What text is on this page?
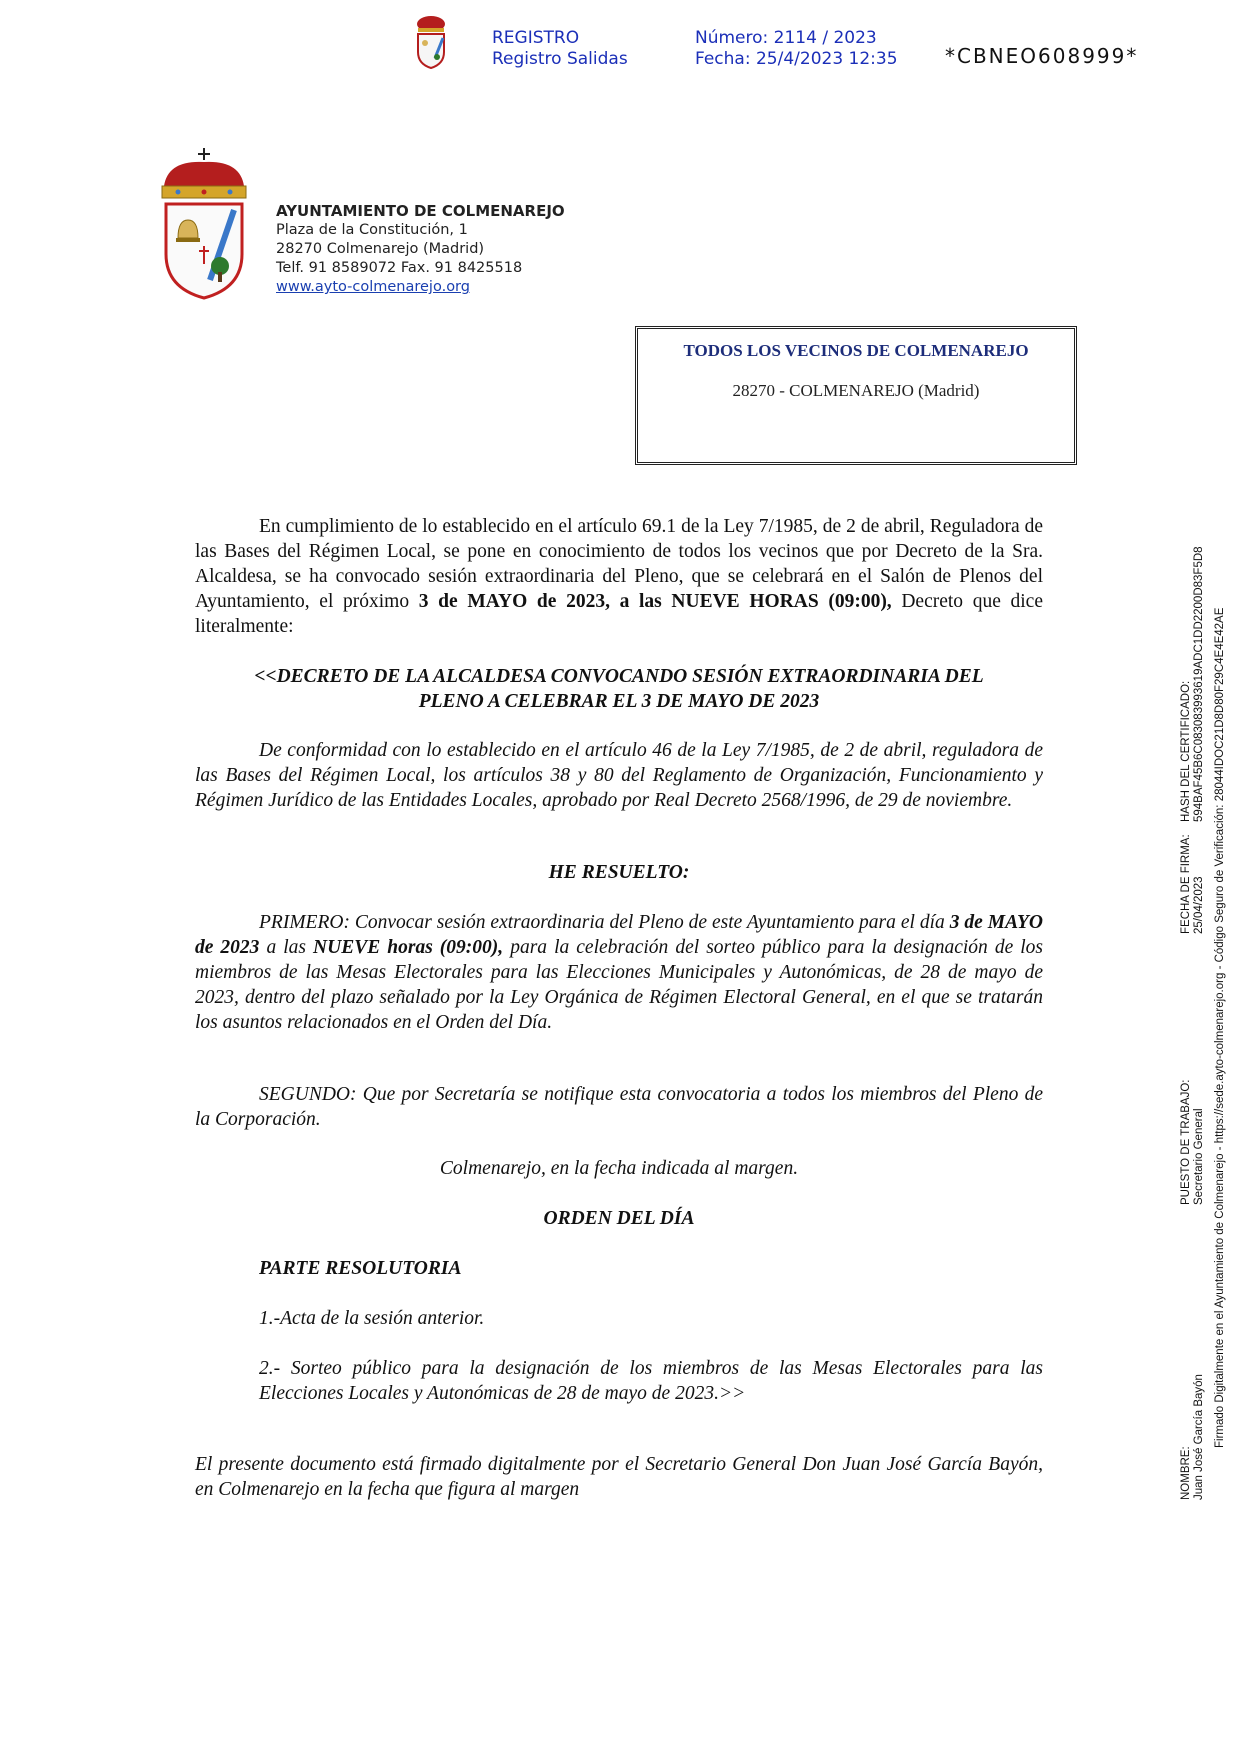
REGISTRO
Registro Salidas
Número: 2114 / 2023
Fecha: 25/4/2023 12:35 *CBNEO608999*
AYUNTAMIENTO DE COLMENAREJO
Plaza de la Constitución, 1
28270 Colmenarejo (Madrid)
Telf. 91 8589072 Fax. 91 8425518
www.ayto-colmenarejo.org
TODOS LOS VECINOS DE COLMENAREJO
28270 - COLMENAREJO (Madrid)
En cumplimiento de lo establecido en el artículo 69.1 de la Ley 7/1985, de 2 de abril, Reguladora de las Bases del Régimen Local, se pone en conocimiento de todos los vecinos que por Decreto de la Sra. Alcaldesa, se ha convocado sesión extraordinaria del Pleno, que se celebrará en el Salón de Plenos del Ayuntamiento, el próximo 3 de MAYO de 2023, a las NUEVE HORAS (09:00), Decreto que dice literalmente:
<<DECRETO DE LA ALCALDESA CONVOCANDO SESIÓN EXTRAORDINARIA DEL
PLENO A CELEBRAR EL 3 DE MAYO DE 2023
De conformidad con lo establecido en el artículo 46 de la Ley 7/1985, de 2 de abril, reguladora de las Bases del Régimen Local, los artículos 38 y 80 del Reglamento de Organización, Funcionamiento y Régimen Jurídico de las Entidades Locales, aprobado por Real Decreto 2568/1996, de 29 de noviembre.
HE RESUELTO:
PRIMERO: Convocar sesión extraordinaria del Pleno de este Ayuntamiento para el día 3 de MAYO de 2023 a las NUEVE horas (09:00), para la celebración del sorteo público para la designación de los miembros de las Mesas Electorales para las Elecciones Municipales y Autonómicas, de 28 de mayo de 2023, dentro del plazo señalado por la Ley Orgánica de Régimen Electoral General, en el que se tratarán los asuntos relacionados en el Orden del Día.
SEGUNDO: Que por Secretaría se notifique esta convocatoria a todos los miembros del Pleno de la Corporación.
Colmenarejo, en la fecha indicada al margen.
ORDEN DEL DÍA
PARTE RESOLUTORIA
1.-Acta de la sesión anterior.
2.- Sorteo público para la designación de los miembros de las Mesas Electorales para las Elecciones Locales y Autonómicas de 28 de mayo de 2023.>>
El presente documento está firmado digitalmente por el Secretario General Don Juan José García Bayón, en Colmenarejo en la fecha que figura al margen	NOMBRE: Juan José García Bayón
PUESTO DE TRABAJO: Secretario General
FECHA DE FIRMA: 25/04/2023
HASH DEL CERTIFICADO: 594BAF45B6C08308399361​9ADC1DD2200D83F5D8 Firmado Digitalmente en el Ayuntamiento de Colmenarejo - https://sede.ayto-colmenarejo.org - Código Seguro de Verificación: 28044IDOC21D8D80F29C4E4E42AE
